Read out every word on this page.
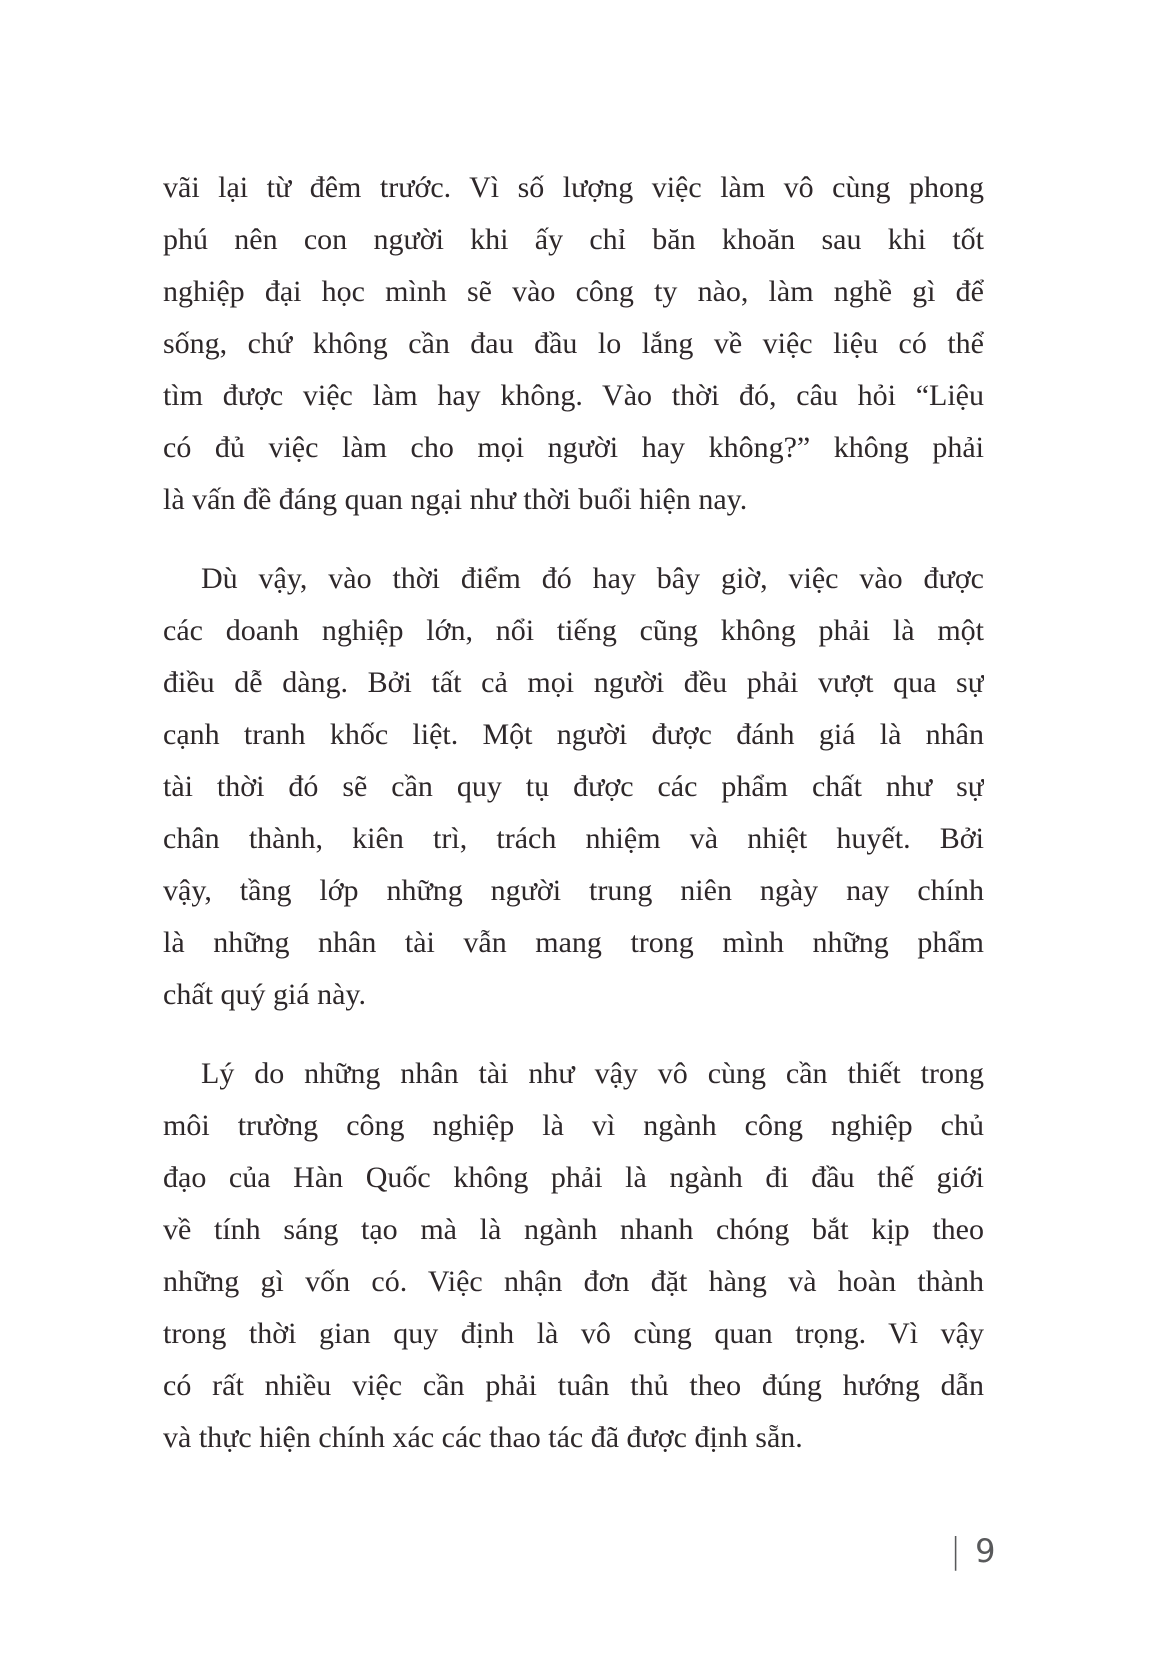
vãi lại từ đêm trước. Vì số lượng việc làm vô cùng phong
phú nên con người khi ấy chỉ băn khoăn sau khi tốt
nghiệp đại học mình sẽ vào công ty nào, làm nghề gì để
sống, chứ không cần đau đầu lo lắng về việc liệu có thể
tìm được việc làm hay không. Vào thời đó, câu hỏi “Liệu
có đủ việc làm cho mọi người hay không?” không phải
là vấn đề đáng quan ngại như thời buổi hiện nay.

Dù vậy, vào thời điểm đó hay bây giờ, việc vào được
các doanh nghiệp lớn, nổi tiếng cũng không phải là một
điều dễ dàng. Bởi tất cả mọi người đều phải vượt qua sự
cạnh tranh khốc liệt. Một người được đánh giá là nhân
tài thời đó sẽ cần quy tụ được các phẩm chất như sự
chân thành, kiên trì, trách nhiệm và nhiệt huyết. Bởi
vậy, tầng lớp những người trung niên ngày nay chính
là những nhân tài vẫn mang trong mình những phẩm
chất quý giá này.

Lý do những nhân tài như vậy vô cùng cần thiết trong
môi trường công nghiệp là vì ngành công nghiệp chủ
đạo của Hàn Quốc không phải là ngành đi đầu thế giới
về tính sáng tạo mà là ngành nhanh chóng bắt kịp theo
những gì vốn có. Việc nhận đơn đặt hàng và hoàn thành
trong thời gian quy định là vô cùng quan trọng. Vì vậy
có rất nhiều việc cần phải tuân thủ theo đúng hướng dẫn
và thực hiện chính xác các thao tác đã được định sẵn.

| 9
